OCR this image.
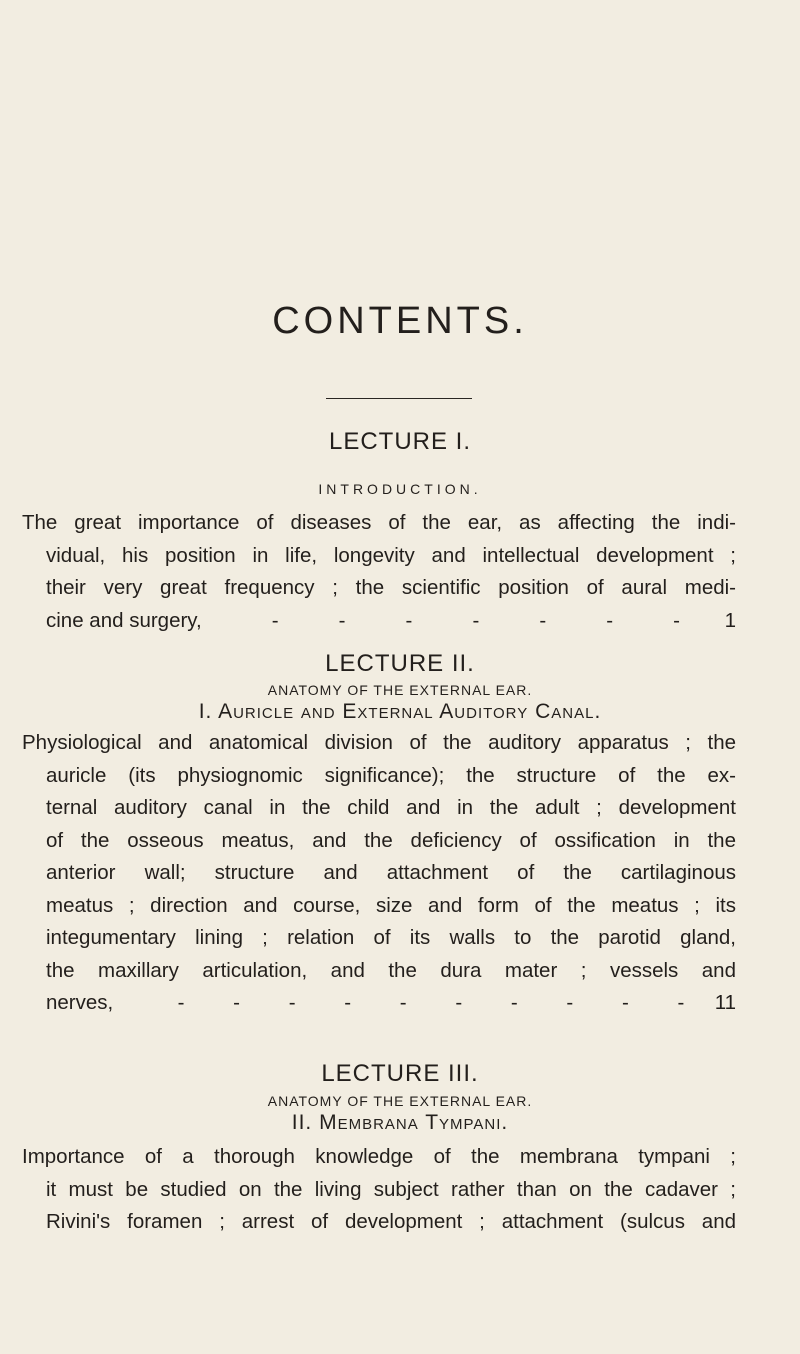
CONTENTS.
LECTURE I.
INTRODUCTION.
The great importance of diseases of the ear, as affecting the indi-
vidual, his position in life, longevity and intellectual development ;
their very great frequency ; the scientific position of aural medi-
cine and surgery,	-	-	-	-	-	-	-	1
LECTURE II.
ANATOMY OF THE EXTERNAL EAR.
I. Auricle and External Auditory Canal.
Physiological and anatomical division of the auditory apparatus ; the
auricle (its physiognomic significance); the structure of the ex-
ternal auditory canal in the child and in the adult ; development
of the osseous meatus, and the deficiency of ossification in the
anterior wall; structure and attachment of the cartilaginous
meatus ; direction and course, size and form of the meatus ; its
integumentary lining ; relation of its walls to the parotid gland,
the maxillary articulation, and the dura mater ; vessels and
nerves,	- - - - - - - - - - 11
LECTURE III.
ANATOMY OF THE EXTERNAL EAR.
II. Membrana Tympani.
Importance of a thorough knowledge of the membrana tympani ;
it must be studied on the living subject rather than on the cadaver ;
Rivini's foramen ; arrest of development ; attachment (sulcus and
